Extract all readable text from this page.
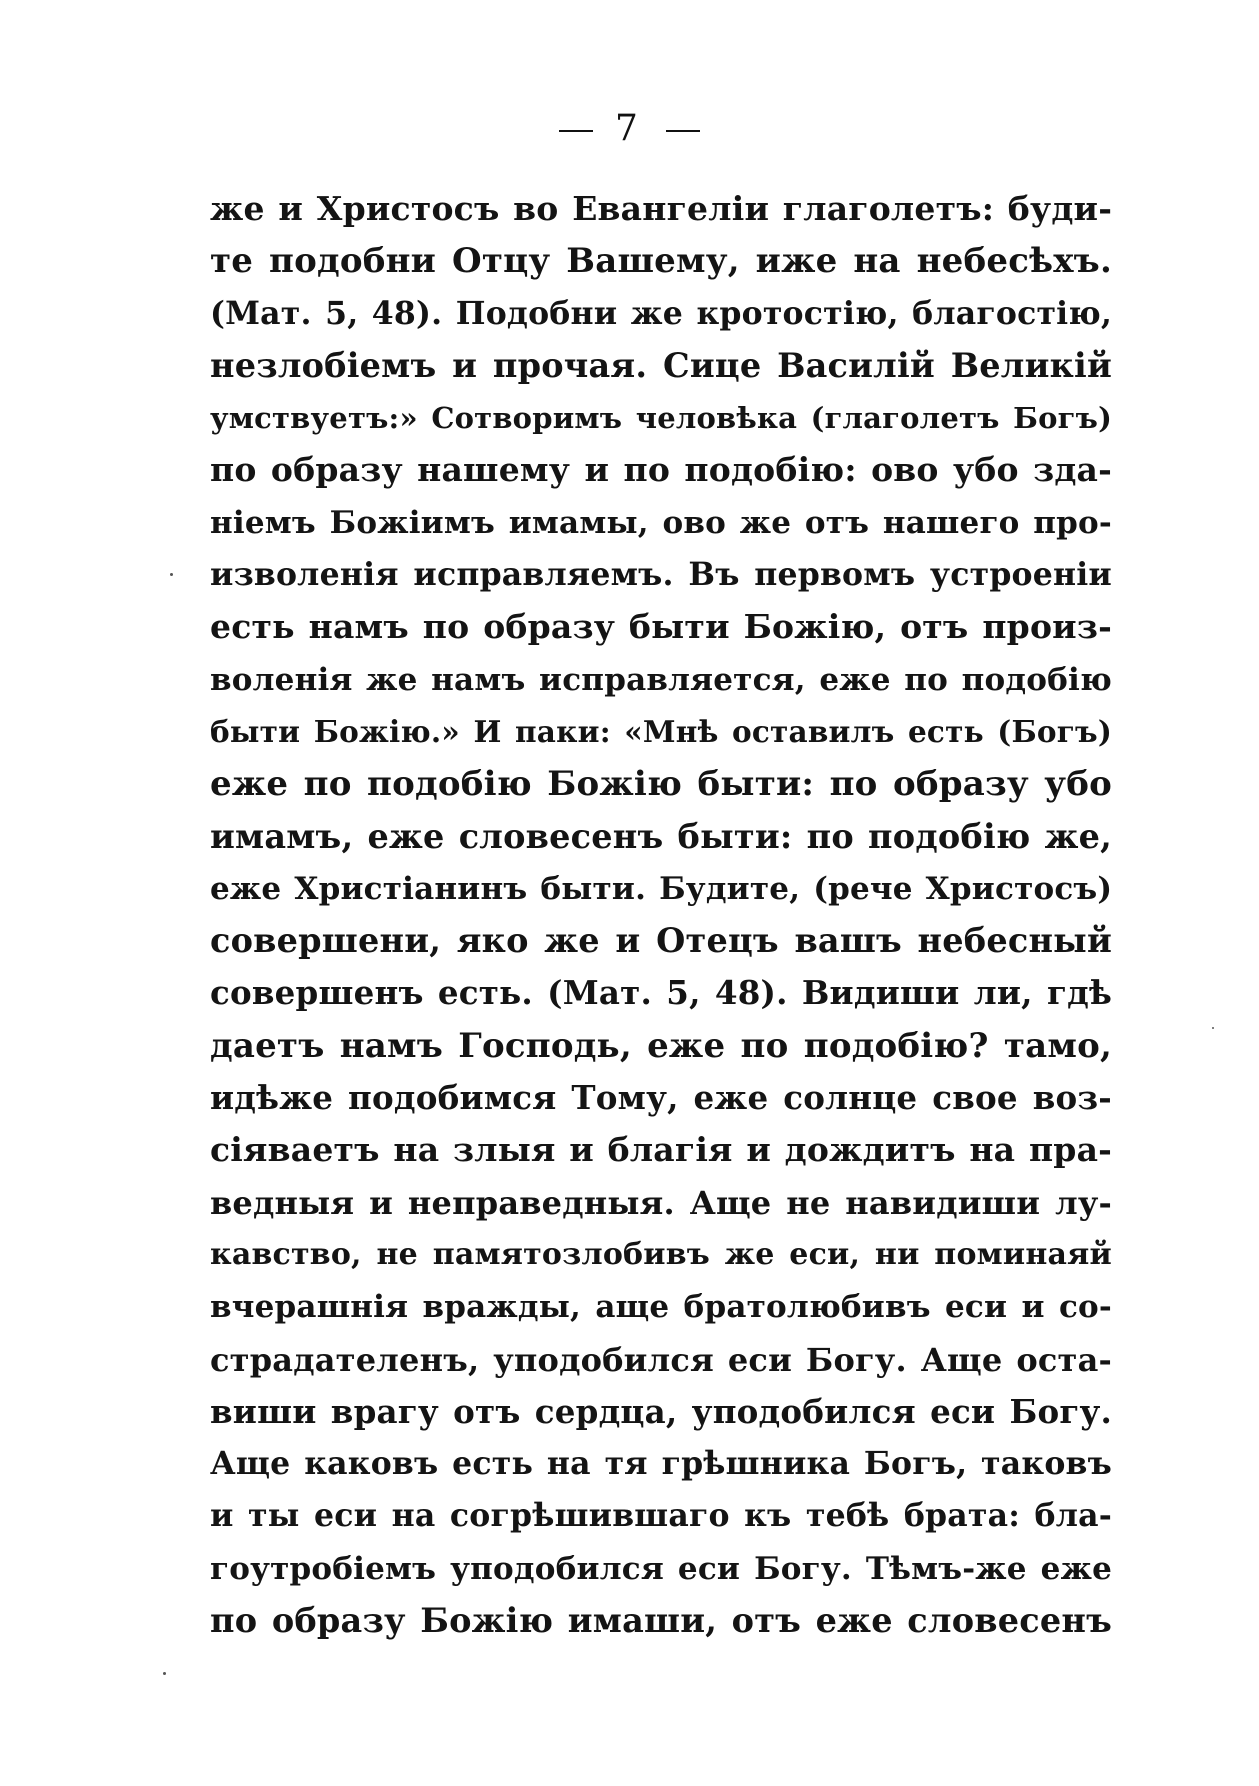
7
же и Христосъ во Евангеліи глаголетъ: буди-
те подобни Отцу Вашему, иже на небесѣхъ.
(Мат. 5, 48). Подобни же кротостію, благостію,
незлобіемъ и прочая. Сице Василій Великій
умствуетъ:» Сотворимъ человѣка (глаголетъ Богъ)
по образу нашему и по подобію: ово убо зда-
ніемъ Божіимъ имамы, ово же отъ нашего про-
изволенія исправляемъ. Въ первомъ устроеніи
есть намъ по образу быти Божію, отъ произ-
воленія же намъ исправляется, еже по подобію
быти Божію.» И паки: «Мнѣ оставилъ есть (Богъ)
еже по подобію Божію быти: по образу убо
имамъ, еже словесенъ быти: по подобію же,
еже Христіанинъ быти. Будите, (рече Христосъ)
совершени, яко же и Отецъ вашъ небесный
совершенъ есть. (Мат. 5, 48). Видиши ли, гдѣ
даетъ намъ Господь, еже по подобію? тамо,
идѣже подобимся Тому, еже солнце свое воз-
сіяваетъ на злыя и благія и дождитъ на пра-
ведныя и неправедныя. Аще не навидиши лу-
кавство, не памятозлобивъ же еси, ни поминаяй
вчерашнія вражды, аще братолюбивъ еси и со-
страдателенъ, уподобился еси Богу. Аще оста-
виши врагу отъ сердца, уподобился еси Богу.
Аще каковъ есть на тя грѣшника Богъ, таковъ
и ты еси на согрѣшившаго къ тебѣ брата: бла-
гоутробіемъ уподобился еси Богу. Тѣмъ-же еже
по образу Божію имаши, отъ еже словесенъ
